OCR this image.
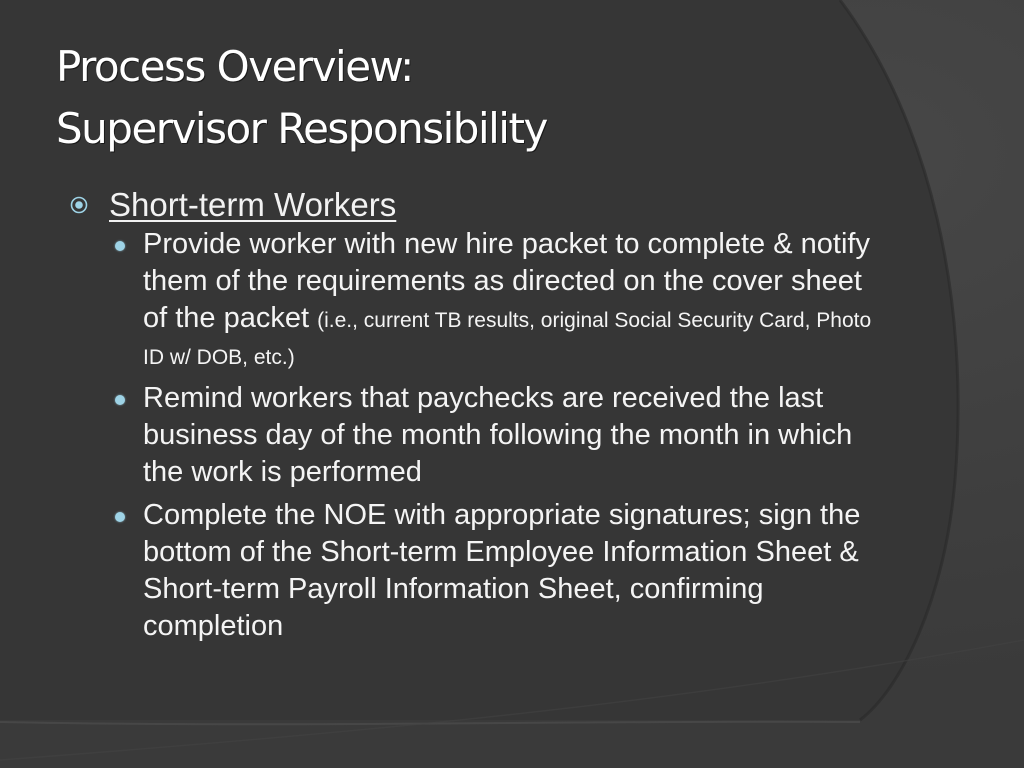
Process Overview:
Supervisor Responsibility
Short-term Workers
Provide worker with new hire packet to complete & notify them of the requirements as directed on the cover sheet of the packet (i.e., current TB results, original Social Security Card, Photo ID w/ DOB, etc.)
Remind workers that paychecks are received the last business day of the month following the month in which the work is performed
Complete the NOE with appropriate signatures; sign the bottom of the Short-term Employee Information Sheet & Short-term Payroll Information Sheet, confirming completion
